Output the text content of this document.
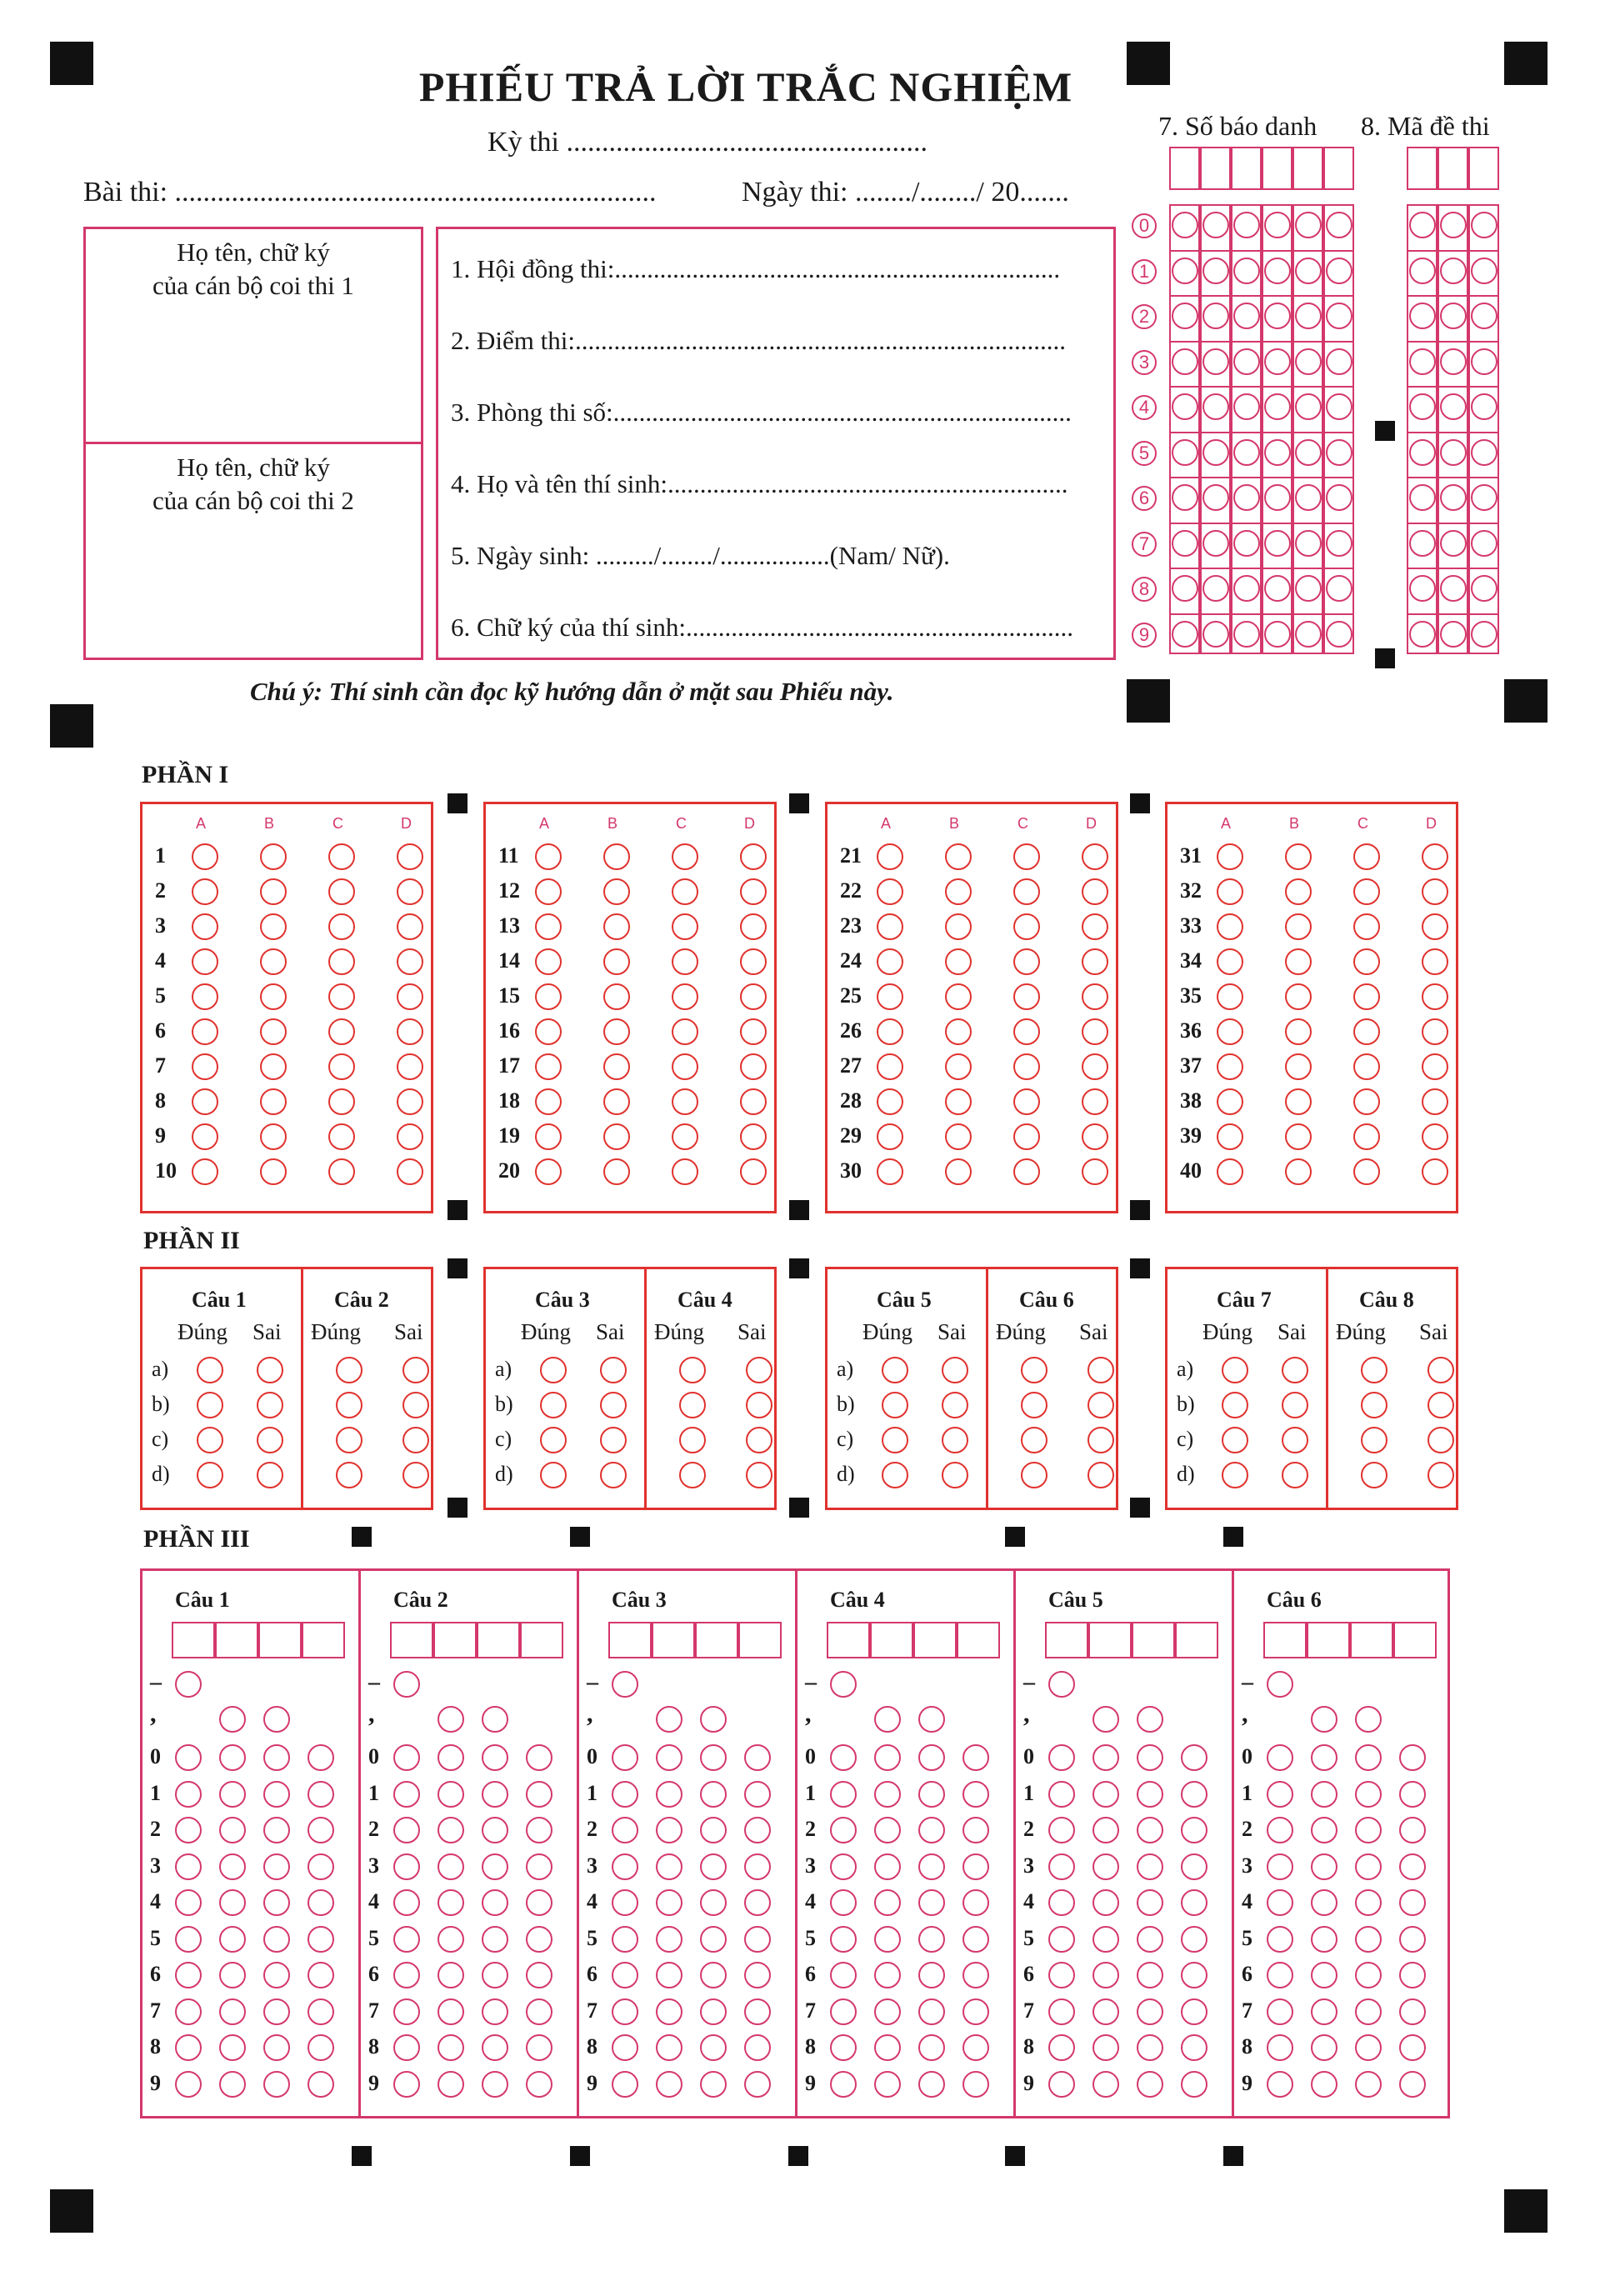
PHIẾU TRẢ LỜI TRẮC NGHIỆM
Kỳ thi ...................................................
Bài thi: ....................................................................	Ngày thi: ......../......../ 20.......
Họ tên, chữ ký
của cán bộ coi thi 1
Họ tên, chữ ký
của cán bộ coi thi 2
1. Hội đồng thi:.....................................................................
2. Điểm thi:............................................................................
3. Phòng thi số:.......................................................................
4. Họ và tên thí sinh:..............................................................
5. Ngày sinh: ........./......../.................(Nam/ Nữ).
6. Chữ ký của thí sinh:............................................................
7. Số báo danh 8. Mã đề thi
0
1
2
3
4
5
6
7
8
9
Chú ý: Thí sinh cần đọc kỹ hướng dẫn ở mặt sau Phiếu này.
PHẦN I
A	B	C	D
1
2
3
4
5
6
7
8
9
10
A	B	C	D
11
12
13
14
15
16
17
18
19
20
A	B	C	D
21
22
23
24
25
26
27
28
29
30
A	B	C	D
31
32
33
34
35
36
37
38
39
40
PHẦN II
Câu 1
Đúng Sai
a)
b)
c)
d)
Câu 2
Đúng Sai
Câu 3
Đúng Sai
a)
b)
c)
d)
Câu 4
Đúng Sai
Câu 5
Đúng Sai
a)
b)
c)
d)
Câu 6
Đúng Sai
Câu 7
Đúng Sai
a)
b)
c)
d)
Câu 8
Đúng Sai
PHẦN III
Câu 1
–
,
0
1
2
3
4
5
6
7
8
9
Câu 2
–
,
0
1
2
3
4
5
6
7
8
9
Câu 3
–
,
0
1
2
3
4
5
6
7
8
9
Câu 4
–
,
0
1
2
3
4
5
6
7
8
9
Câu 5
–
,
0
1
2
3
4
5
6
7
8
9
Câu 6
–
,
0
1
2
3
4
5
6
7
8
9
